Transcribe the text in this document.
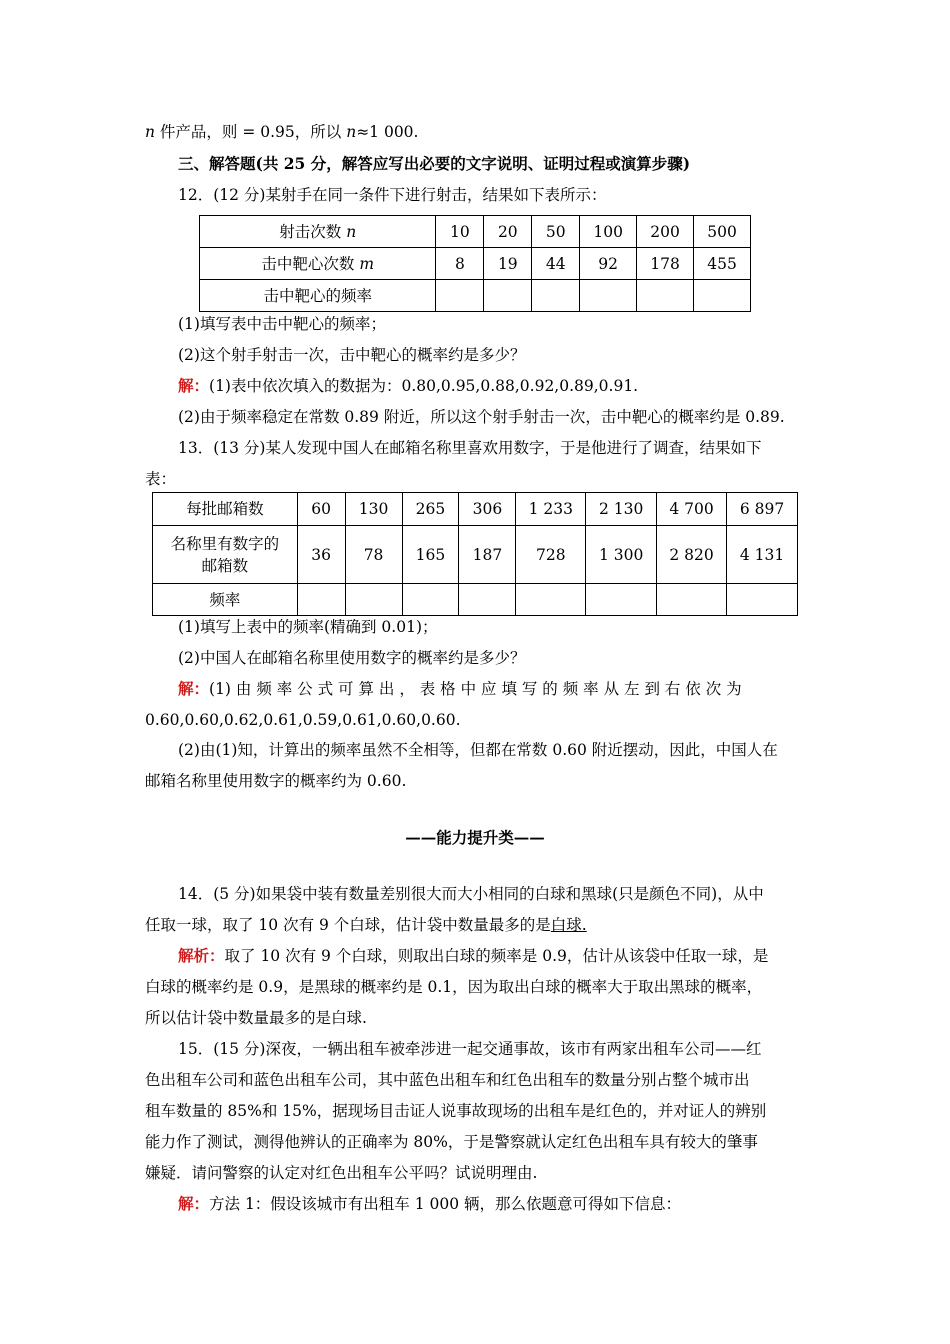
n 件产品，则 = 0.95，所以 n≈1 000.
三、解答题(共 25 分，解答应写出必要的文字说明、证明过程或演算步骤)
12．(12 分)某射手在同一条件下进行射击，结果如下表所示：
射击次数 n	10	20	50	100	200	500
击中靶心次数 m	8	19	44	92	178	455
击中靶心的频率						
(1)填写表中击中靶心的频率；
(2)这个射手射击一次，击中靶心的概率约是多少？
解：(1)表中依次填入的数据为：0.80,0.95,0.88,0.92,0.89,0.91.
(2)由于频率稳定在常数 0.89 附近，所以这个射手射击一次，击中靶心的概率约是 0.89.
13．(13 分)某人发现中国人在邮箱名称里喜欢用数字，于是他进行了调查，结果如下
表：
每批邮箱数	60	130	265	306	1 233	2 130	4 700	6 897

名称里有数字的
邮箱数	36	78	165	187	728	1 300	2 820	4 131
频率								
(1)填写上表中的频率(精确到 0.01)；
(2)中国人在邮箱名称里使用数字的概率约是多少？
解：(1) 由 频 率 公 式 可 算 出 ， 表 格 中 应 填 写 的 频 率 从 左 到 右 依 次 为
0.60,0.60,0.62,0.61,0.59,0.61,0.60,0.60.
(2)由(1)知，计算出的频率虽然不全相等，但都在常数 0.60 附近摆动，因此，中国人在
邮箱名称里使用数字的概率约为 0.60.
——能力提升类——
14．(5 分)如果袋中装有数量差别很大而大小相同的白球和黑球(只是颜色不同)，从中
任取一球，取了 10 次有 9 个白球，估计袋中数量最多的是白球.
解析：取了 10 次有 9 个白球，则取出白球的频率是 0.9，估计从该袋中任取一球，是
白球的概率约是 0.9，是黑球的概率约是 0.1，因为取出白球的概率大于取出黑球的概率，
所以估计袋中数量最多的是白球.
15．(15 分)深夜，一辆出租车被牵涉进一起交通事故，该市有两家出租车公司——红
色出租车公司和蓝色出租车公司，其中蓝色出租车和红色出租车的数量分别占整个城市出
租车数量的 85%和 15%，据现场目击证人说事故现场的出租车是红色的，并对证人的辨别
能力作了测试，测得他辨认的正确率为 80%，于是警察就认定红色出租车具有较大的肇事
嫌疑．请问警察的认定对红色出租车公平吗？试说明理由.
解：方法 1：假设该城市有出租车 1 000 辆，那么依题意可得如下信息：
